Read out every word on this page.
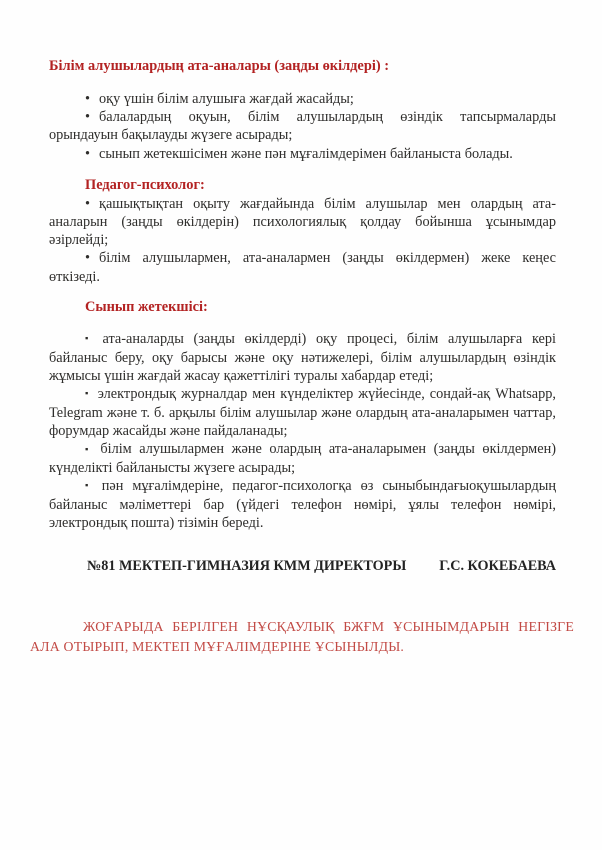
Білім алушылардың ата-аналары (заңды өкілдері) :

• оқу үшін білім алушыға жағдай жасайды;

• балалардың оқуын, білім алушылардың өзіндік тапсырмаларды орындауын бақылауды жүзеге асырады;

• сынып жетекшісімен және пән мұғалімдерімен байланыста болады.

Педагог-психолог:

• қашықтықтан оқыту жағдайында білім алушылар мен олардың ата-аналарын (заңды өкілдерін) психологиялық қолдау бойынша ұсынымдар әзірлейді;

• білім алушылармен, ата-аналармен (заңды өкілдермен) жеке кеңес өткізеді.

Сынып жетекшісі:

▪ ата-аналарды (заңды өкілдерді) оқу процесі, білім алушыларға кері байланыс беру, оқу барысы және оқу нәтижелері, білім алушылардың өзіндік жұмысы үшін жағдай жасау қажеттілігі туралы хабардар етеді;

▪ электрондық журналдар мен күнделіктер жүйесінде, сондай-ақ Whatsapp, Telegram және т. б. арқылы білім алушылар және олардың ата-аналарымен чаттар, форумдар жасайды және пайдаланады;

▪ білім алушылармен және олардың ата-аналарымен (заңды өкілдермен) күнделікті байланысты жүзеге асырады;

▪ пән мұғалімдеріне, педагог-психологқа өз сыныбындағыоқушылардың байланыс мәліметтері бар (үйдегі телефон нөмірі, ұялы телефон нөмірі, электрондық пошта) тізімін береді.

№81 МЕКТЕП-ГИМНАЗИЯ КММ ДИРЕКТОРЫ Г.С. КОКЕБАЕВА
ЖОҒАРЫДА БЕРІЛГЕН НҰСҚАУЛЫҚ БЖҒМ ҰСЫНЫМДАРЫН НЕГІЗГЕ АЛА ОТЫРЫП, МЕКТЕП МҰҒАЛІМДЕРІНЕ ҰСЫНЫЛДЫ.
